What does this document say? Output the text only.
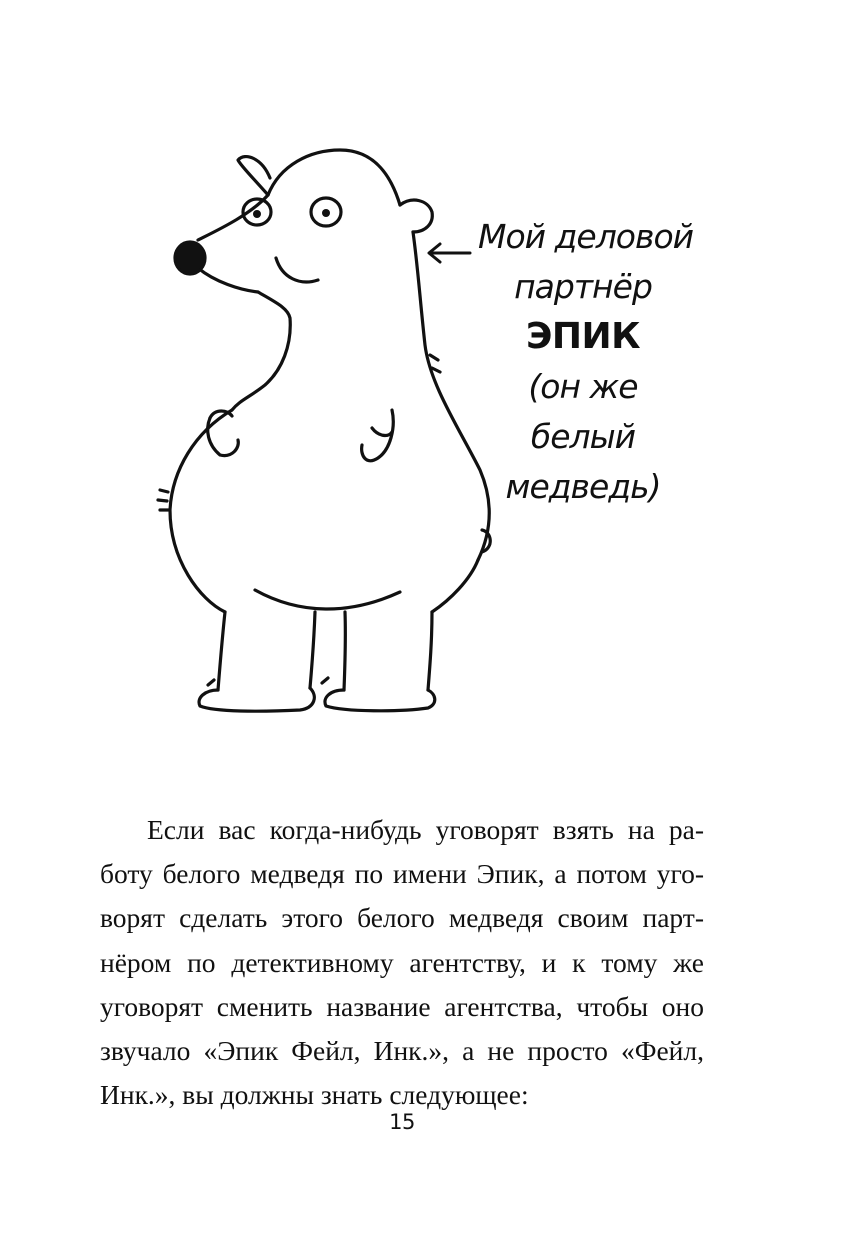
Мой деловой
партнёр
ЭПИК
(он же
белый
медведь)
Если вас когда-нибудь уговорят взять на ра-
боту белого медведя по имени Эпик, а потом уго-
ворят сделать этого белого медведя своим парт-
нёром по детективному агентству, и к тому же
уговорят сменить название агентства, чтобы оно
звучало «Эпик Фейл, Инк.», а не просто «Фейл,
Инк.», вы должны знать следующее:
15
